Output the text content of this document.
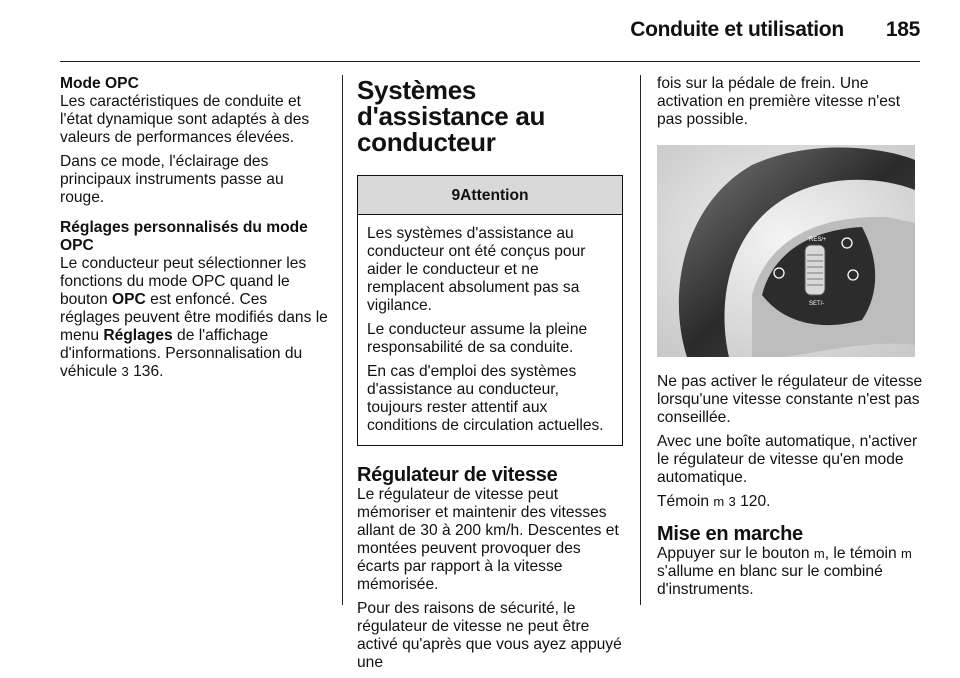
Conduite et utilisation 185
Mode OPC

Les caractéristiques de conduite et l'état dynamique sont adaptés à des valeurs de performances élevées.

Dans ce mode, l'éclairage des principaux instruments passe au rouge.

Réglages personnalisés du mode OPC

Le conducteur peut sélectionner les fonctions du mode OPC quand le bouton OPC est enfoncé. Ces réglages peuvent être modifiés dans le menu Réglages de l'affichage d'informations. Personnalisation du véhicule 3 136.

Systèmes d'assistance au conducteur
9Attention

Les systèmes d'assistance au conducteur ont été conçus pour aider le conducteur et ne remplacent absolument pas sa vigilance.

Le conducteur assume la pleine responsabilité de sa conduite.

En cas d'emploi des systèmes d'assistance au conducteur, toujours rester attentif aux conditions de circulation actuelles.

Régulateur de vitesse

Le régulateur de vitesse peut mémoriser et maintenir des vitesses allant de 30 à 200 km/h. Descentes et montées peuvent provoquer des écarts par rapport à la vitesse mémorisée.

Pour des raisons de sécurité, le régulateur de vitesse ne peut être activé qu'après que vous ayez appuyé une

fois sur la pédale de frein. Une activation en première vitesse n'est pas possible.

RES/+
SET/-

Ne pas activer le régulateur de vitesse lorsqu'une vitesse constante n'est pas conseillée.

Avec une boîte automatique, n'activer le régulateur de vitesse qu'en mode automatique.

Témoin m 3 120.

Mise en marche

Appuyer sur le bouton m, le témoin m s'allume en blanc sur le combiné d'instruments.
